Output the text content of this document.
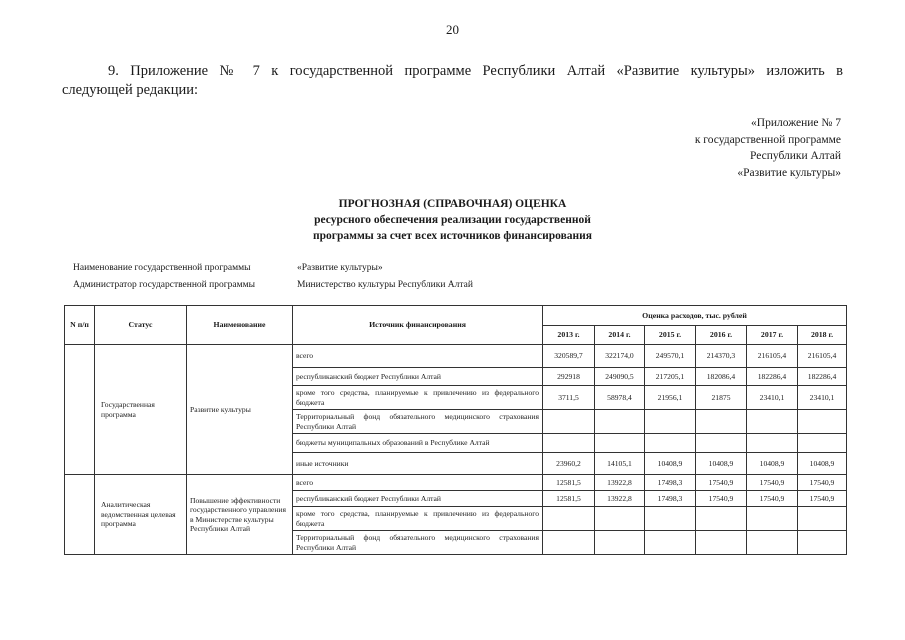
20
9. Приложение № 7 к государственной программе Республики Алтай «Развитие культуры» изложить в
следующей редакции:
«Приложение № 7
к государственной программе
Республики Алтай
«Развитие культуры»
ПРОГНОЗНАЯ (СПРАВОЧНАЯ) ОЦЕНКА
ресурсного обеспечения реализации государственной
программы за счет всех источников финансирования
Наименование государственной программы	«Развитие культуры»
Администратор государственной программы	Министерство культуры Республики Алтай
N п/п	Статус	Наименование	Источник финансирования	Оценка расходов, тыс. рублей					
				2013 г.	2014 г.	2015 г.	2016 г.	2017 г.	2018 г.
	Государственная программа	Развитие культуры	всего	320589,7	322174,0	249570,1	214370,3	216105,4	216105,4
			республиканский бюджет Республики Алтай	292918	249090,5	217205,1	182086,4	182286,4	182286,4
			кроме того средства, планируемые к привлечению из федерального бюджета	3711,5	58978,4	21956,1	21875	23410,1	23410,1
			Территориальный фонд обязательного медицинского страхования Республики Алтай						
			бюджеты муниципальных образований в Республике Алтай						
			иные источники	23960,2	14105,1	10408,9	10408,9	10408,9	10408,9
	Аналитическая ведомственная целевая программа	Повышение эффективности государственного управления в Министерстве культуры Республики Алтай	всего	12581,5	13922,8	17498,3	17540,9	17540,9	17540,9
			республиканский бюджет Республики Алтай	12581,5	13922,8	17498,3	17540,9	17540,9	17540,9
			кроме того средства, планируемые к привлечению из федерального бюджета						
			Территориальный фонд обязательного медицинского страхования Республики Алтай						
